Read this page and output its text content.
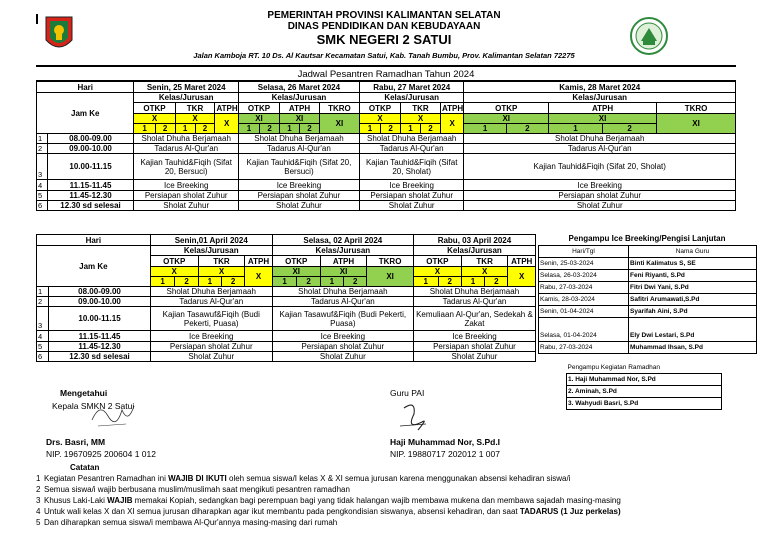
PEMERINTAH PROVINSI KALIMANTAN SELATAN
DINAS PENDIDIKAN DAN KEBUDAYAAN
SMK NEGERI 2 SATUI
Jalan Kamboja RT. 10 Ds. Al Kautsar Kecamatan Satui, Kab. Tanah Bumbu, Prov. Kalimantan Selatan 72275
Jadwal Pesantren Ramadhan Tahun 2024
Hari		Senin, 25 Maret 2024					Selasa, 26 Maret 2024					Rabu, 27 Maret 2024					Kamis, 28 Maret 2024				
Jam Ke		Kelas/Jurusan					Kelas/Jurusan					Kelas/Jurusan					Kelas/Jurusan				
		OTKP		TKR		ATPH	OTKP		ATPH		TKRO	OTKP		TKR		ATPH	OTKP		ATPH		TKRO
		X		X		X	XI		XI		XI	X		X		X	XI		XI		XI
		1	2	1	2		1	2	1	2		1	2	1	2		1	2	1	2	
1	08.00-09.00	Sholat Dhuha Berjamaah					Sholat Dhuha Berjamaah					Sholat Dhuha Berjamaah					Sholat Dhuha Berjamaah				
2	09.00-10.00	Tadarus Al-Qur'an					Tadarus Al-Qur'an					Tadarus Al-Qur'an					Tadarus Al-Qur'an				
3	10.00-11.15	Kajian Tauhid&Fiqih (Sifat 20, Bersuci)					Kajian Tauhid&Fiqih (Sifat 20, Bersuci)					Kajian Tauhid&Fiqih (Sifat 20, Sholat)					Kajian Tauhid&Fiqih (Sifat 20, Sholat)				
4	11.15-11.45	Ice Breeking					Ice Breeking					Ice Breeking					Ice Breeking				
5	11.45-12.30	Persiapan sholat Zuhur					Persiapan sholat Zuhur					Persiapan sholat Zuhur					Persiapan sholat Zuhur				
6	12.30 sd selesai	Sholat Zuhur					Sholat Zuhur					Sholat Zuhur					Sholat Zuhur				
Hari		Senin,01 April 2024					Selasa, 02 April 2024					Rabu, 03 April 2024				
Jam Ke		Kelas/Jurusan					Kelas/Jurusan					Kelas/Jurusan				
		OTKP		TKR		ATPH	OTKP		ATPH		TKRO	OTKP		TKR		ATPH
		X		X		X	XI		XI		XI	X		X		X
		1	2	1	2		1	2	1	2		1	2	1	2	
1	08.00-09.00	Sholat Dhuha Berjamaah					Sholat Dhuha Berjamaah					Sholat Dhuha Berjamaah				
2	09.00-10.00	Tadarus Al-Qur'an					Tadarus Al-Qur'an					Tadarus Al-Qur'an				
3	10.00-11.15	Kajian Tasawuf&Fiqih (Budi Pekerti, Puasa)					Kajian Tasawuf&Fiqih (Budi Pekerti, Puasa)					Kemuliaan Al-Qur'an, Sedekah & Zakat				
4	11.15-11.45	Ice Breeking					Ice Breeking					Ice Breeking				
5	11.45-12.30	Persiapan sholat Zuhur					Persiapan sholat Zuhur					Persiapan sholat Zuhur				
6	12.30 sd selesai	Sholat Zuhur					Sholat Zuhur					Sholat Zuhur				
Pengampu Ice Breeking/Pengisi Lanjutan
Hari/Tgl	Nama Guru
Senin, 25-03-2024	Binti Kalimatus S, SE
Selasa, 26-03-2024	Feni Riyanti, S.Pd
Rabu, 27-03-2024	Fitri Dwi Yani, S.Pd
Kamis, 28-03-2024	Safitri Arumawati,S.Pd
Senin, 01-04-2024	Syarifah Aini, S.Pd
Selasa, 01-04-2024	Ely Dwi Lestari, S.Pd
Rabu, 27-03-2024	Muhammad Ihsan, S.Pd
Pengampu Kegiatan Ramadhan
1. Haji Muhammad Nor, S.Pd
2. Aminah, S.Pd
3. Wahyudi Basri, S.Pd
Mengetahui
Kepala SMKN 2 Satui
Drs. Basri, MM
NIP. 19670925 200604 1 012
Guru PAI
Haji Muhammad Nor, S.Pd.I
NIP. 19880717 202012 1 007
Catatan
1 Kegiatan Pesantren Ramadhan ini WAJIB DI IKUTI oleh semua siswa/I kelas X & XI semua jurusan karena menggunakan absensi kehadiran siswa/i
2 Semua siswa/i wajib berbusana muslim/muslimah saat mengikuti pesantren ramadhan
3 Khusus Laki-Laki WAJIB memakai Kopiah, sedangkan bagi perempuan bagi yang tidak halangan wajib membawa mukena dan membawa sajadah masing-masing
4 Untuk wali kelas X dan XI semua jurusan diharapkan agar ikut membantu pada pengkondisian siswanya, absensi kehadiran, dan saat TADARUS (1 Juz perkelas)
5 Dan diharapkan semua siswa/i membawa Al-Qur'annya masing-masing dari rumah
